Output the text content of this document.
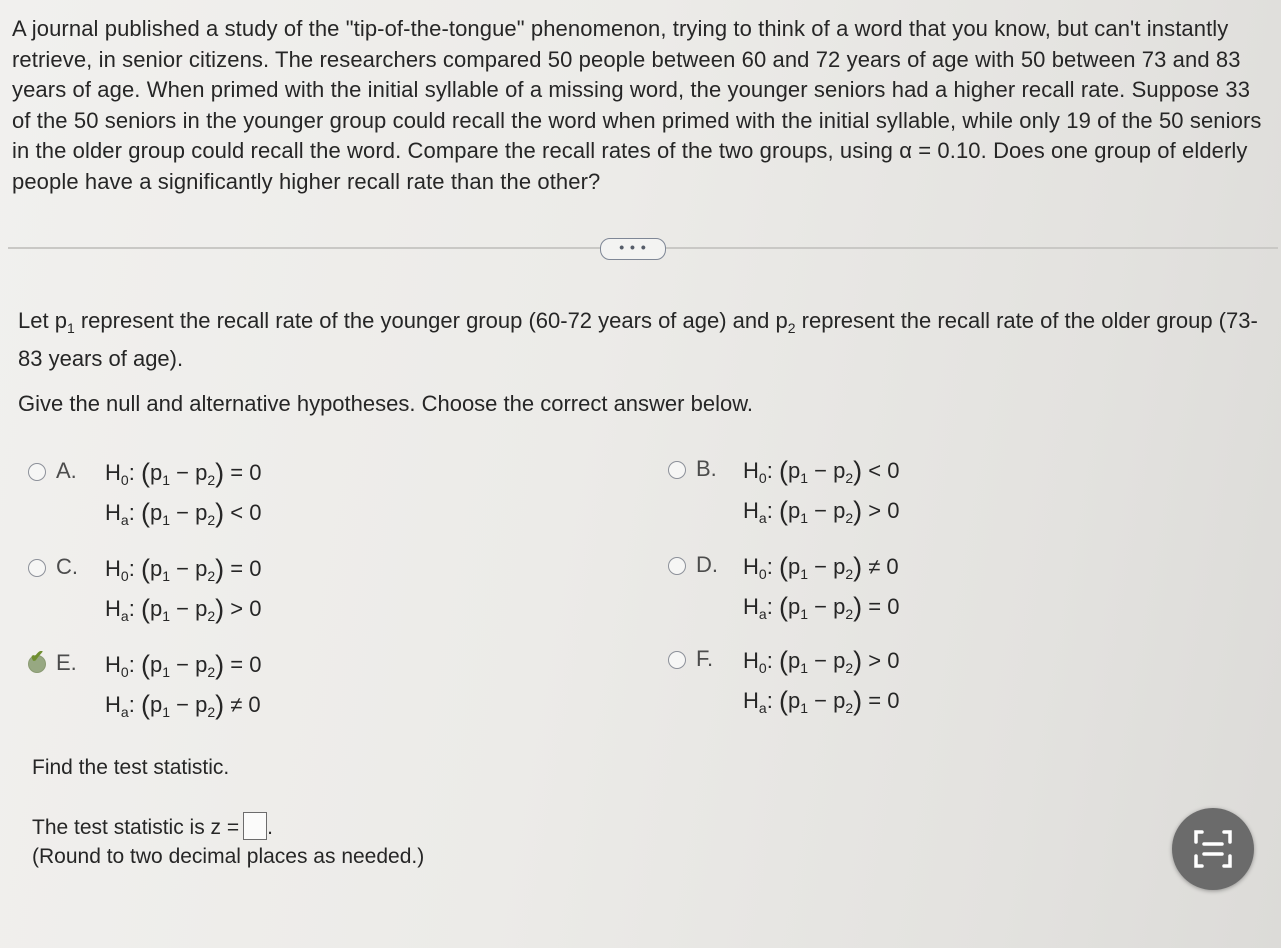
A journal published a study of the "tip-of-the-tongue" phenomenon, trying to think of a word that you know, but can't instantly retrieve, in senior citizens. The researchers compared 50 people between 60 and 72 years of age with 50 between 73 and 83 years of age. When primed with the initial syllable of a missing word, the younger seniors had a higher recall rate. Suppose 33 of the 50 seniors in the younger group could recall the word when primed with the initial syllable, while only 19 of the 50 seniors in the older group could recall the word. Compare the recall rates of the two groups, using α = 0.10. Does one group of elderly people have a significantly higher recall rate than the other?
• • •
Let $p_1$ represent the recall rate of the younger group (60-72 years of age) and $p_2$ represent the recall rate of the older group (73-83 years of age).
Give the null and alternative hypotheses. Choose the correct answer below.
A. $H_0$: $(p_1 - p_2) = 0$
$H_a$: $(p_1 - p_2) < 0$
B. $H_0$: $(p_1 - p_2) < 0$
$H_a$: $(p_1 - p_2) > 0$
C. $H_0$: $(p_1 - p_2) = 0$
$H_a$: $(p_1 - p_2) > 0$
D. $H_0$: $(p_1 - p_2) \ne 0$
$H_a$: $(p_1 - p_2) = 0$
✔ E. $H_0$: $(p_1 - p_2) = 0$
$H_a$: $(p_1 - p_2) \ne 0$
F. $H_0$: $(p_1 - p_2) > 0$
$H_a$: $(p_1 - p_2) = 0$
Find the test statistic.
The test statistic is z = .
(Round to two decimal places as needed.)
